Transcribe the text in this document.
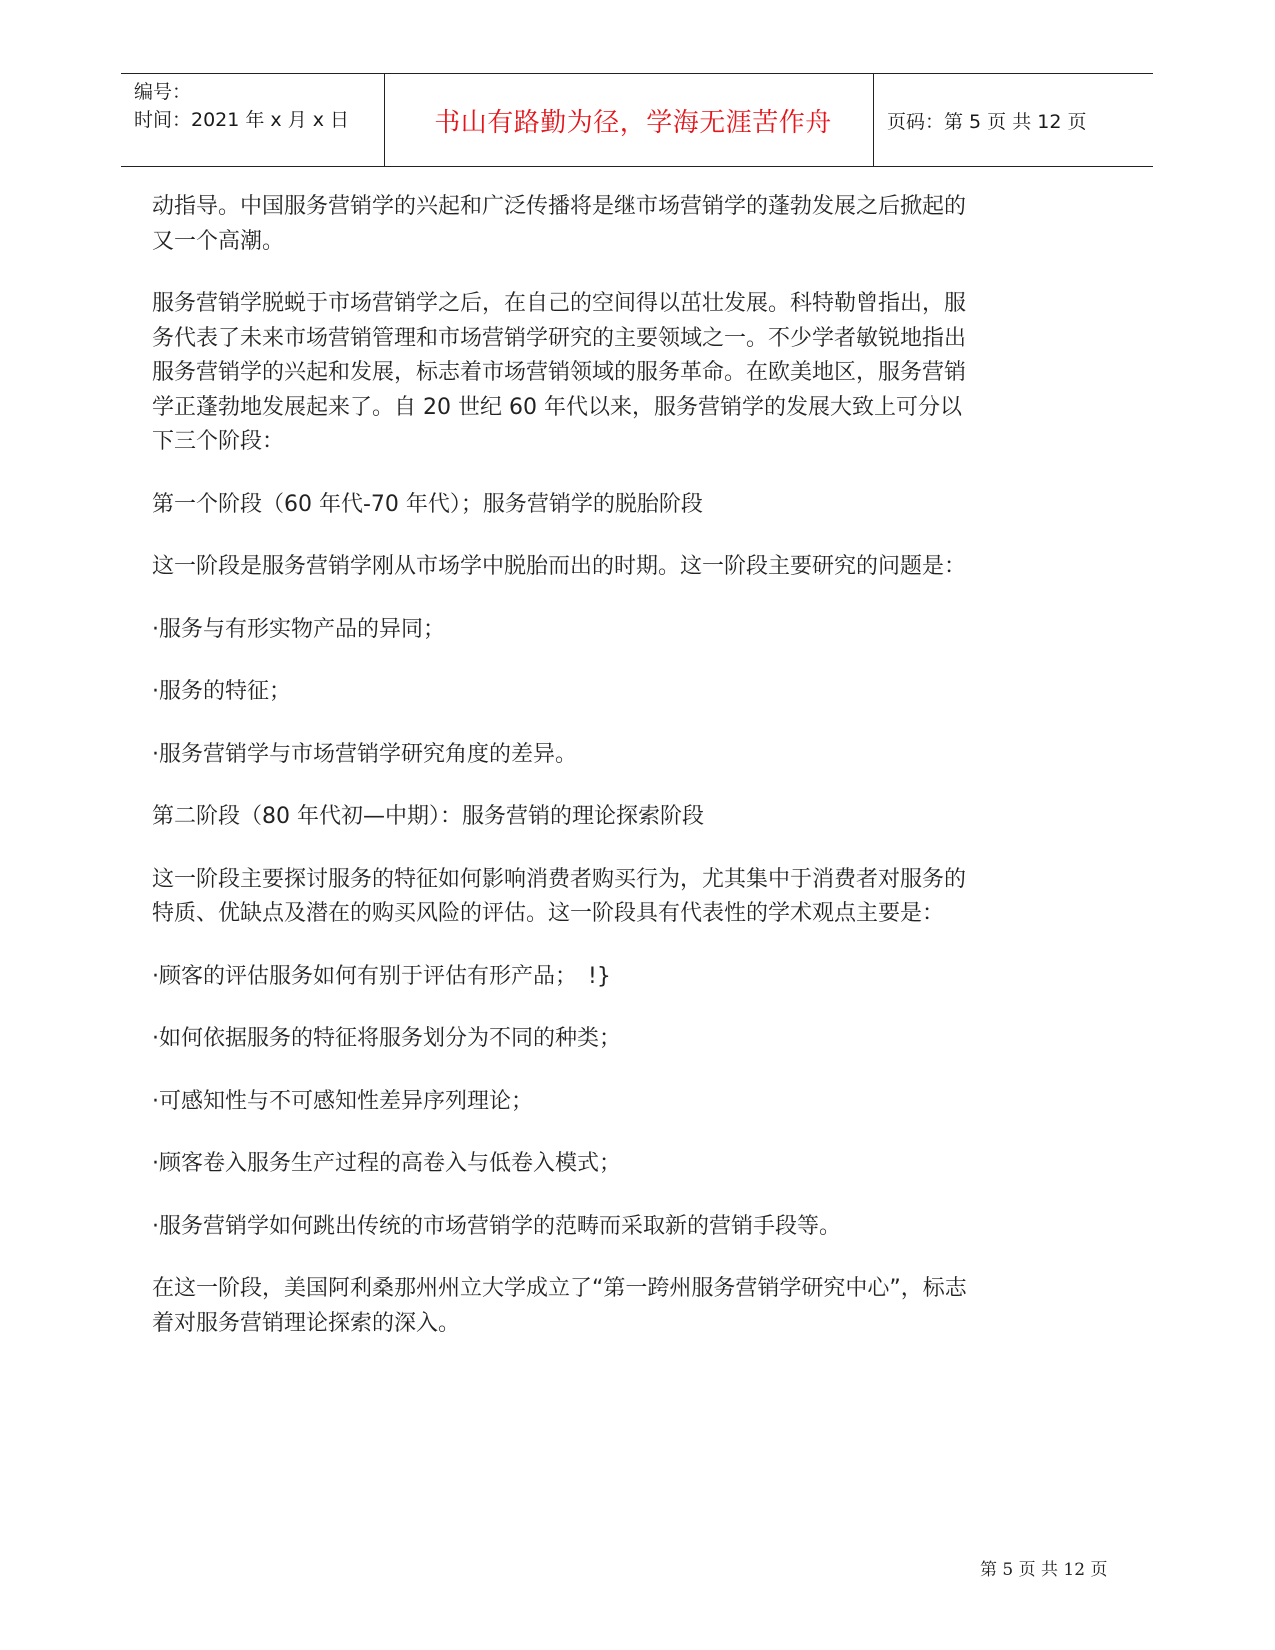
编号：
时间：2021 年 x 月 x 日	书山有路勤为径，学海无涯苦作舟	页码：第 5 页 共 12 页

动指导。中国服务营销学的兴起和广泛传播将是继市场营销学的蓬勃发展之后掀起的又一个高潮。

服务营销学脱蜕于市场营销学之后，在自己的空间得以茁壮发展。科特勒曾指出，服务代表了未来市场营销管理和市场营销学研究的主要领域之一。不少学者敏锐地指出服务营销学的兴起和发展，标志着市场营销领域的服务革命。在欧美地区，服务营销学正蓬勃地发展起来了。自 20 世纪 60 年代以来，服务营销学的发展大致上可分以下三个阶段：

第一个阶段（60 年代-70 年代）；服务营销学的脱胎阶段

这一阶段是服务营销学刚从市场学中脱胎而出的时期。这一阶段主要研究的问题是：

·服务与有形实物产品的异同；

·服务的特征；

·服务营销学与市场营销学研究角度的差异。

第二阶段（80 年代初—中期）：服务营销的理论探索阶段

这一阶段主要探讨服务的特征如何影响消费者购买行为，尤其集中于消费者对服务的特质、优缺点及潜在的购买风险的评估。这一阶段具有代表性的学术观点主要是：

·顾客的评估服务如何有别于评估有形产品；　!}

·如何依据服务的特征将服务划分为不同的种类；

·可感知性与不可感知性差异序列理论；

·顾客卷入服务生产过程的高卷入与低卷入模式；

·服务营销学如何跳出传统的市场营销学的范畴而采取新的营销手段等。

在这一阶段，美国阿利桑那州州立大学成立了“第一跨州服务营销学研究中心”，标志着对服务营销理论探索的深入。

第 5 页 共 12 页
